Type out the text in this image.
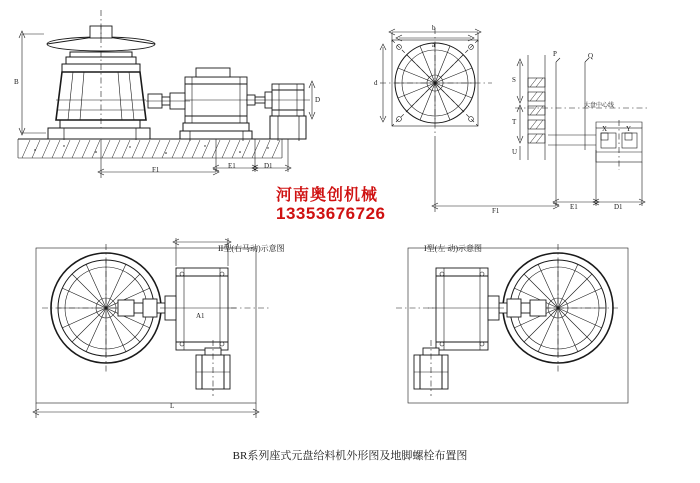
B
F1	E1	D1
D
b
a
d
P	Q
S
T
U
X	Y
F1	E1	D1
大盘中心线
A1
L
II型(右马动)示意图	I型(左 动)示意图
河南奥创机械
13353676726
BR系列座式元盘给料机外形图及地脚螺栓布置图
